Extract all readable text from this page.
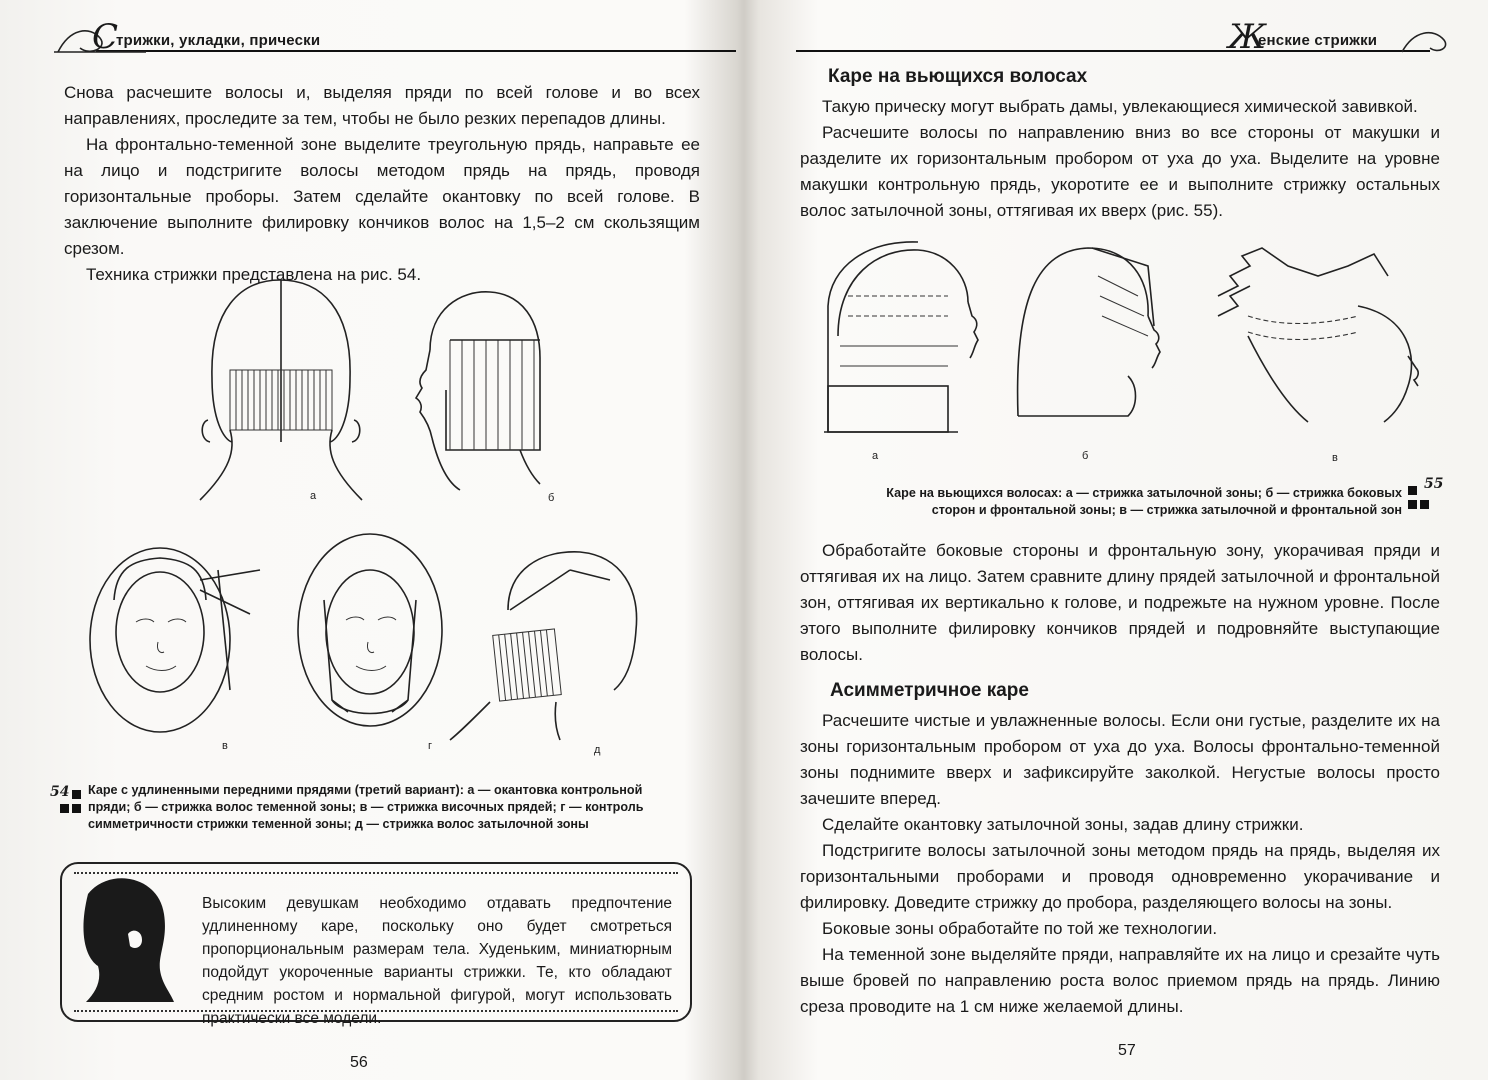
С
трижки, укладки, прически

Снова расчешите волосы и, выделяя пряди по всей голове и во всех направлениях, проследите за тем, чтобы не было резких перепадов длины.

На фронтально-теменной зоне выделите треугольную прядь, направьте ее на лицо и подстригите волосы методом прядь на прядь, проводя горизонтальные проборы. Затем сделайте окантовку по всей голове. В заключение выполните филировку кончиков волос на 1,5–2 см скользящим срезом.

Техника стрижки представлена на рис. 54.

а	б
в	г	д
54 Каре с удлиненными передними прядями (третий вариант): а — окантовка контрольной пряди; б — стрижка волос теменной зоны; в — стрижка височных прядей; г — контроль симметричности стрижки теменной зоны; д — стрижка волос затылочной зоны
Высоким девушкам необходимо отдавать предпочтение удлиненному каре, поскольку оно будет смотреться пропорциональным размерам тела. Худеньким, миниатюрным подойдут укороченные варианты стрижки. Те, кто обладают средним ростом и нормальной фигурой, могут использовать практически все модели.
56
Ж
енские стрижки
Каре на вьющихся волосах

Такую прическу могут выбрать дамы, увлекающиеся химической завивкой.

Расчешите волосы по направлению вниз во все стороны от макушки и разделите их горизонтальным пробором от уха до уха. Выделите на уровне макушки контрольную прядь, укоротите ее и выполните стрижку остальных волос затылочной зоны, оттягивая их вверх (рис. 55).

а	б	в
Каре на вьющихся волосах: а — стрижка затылочной зоны; б — стрижка боковых сторон и фронтальной зоны; в — стрижка затылочной и фронтальной зон
55

Обработайте боковые стороны и фронтальную зону, укорачивая пряди и оттягивая их на лицо. Затем сравните длину прядей затылочной и фронтальной зон, оттягивая их вертикально к голове, и подрежьте на нужном уровне. После этого выполните филировку кончиков прядей и подровняйте выступающие волосы.

Асимметричное каре

Расчешите чистые и увлажненные волосы. Если они густые, разделите их на зоны горизонтальным пробором от уха до уха. Волосы фронтально-теменной зоны поднимите вверх и зафиксируйте заколкой. Негустые волосы просто зачешите вперед.

Сделайте окантовку затылочной зоны, задав длину стрижки.

Подстригите волосы затылочной зоны методом прядь на прядь, выделяя их горизонтальными проборами и проводя одновременно укорачивание и филировку. Доведите стрижку до пробора, разделяющего волосы на зоны.

Боковые зоны обработайте по той же технологии.

На теменной зоне выделяйте пряди, направляйте их на лицо и срезайте чуть выше бровей по направлению роста волос приемом прядь на прядь. Линию среза проводите на 1 см ниже желаемой длины.

57
